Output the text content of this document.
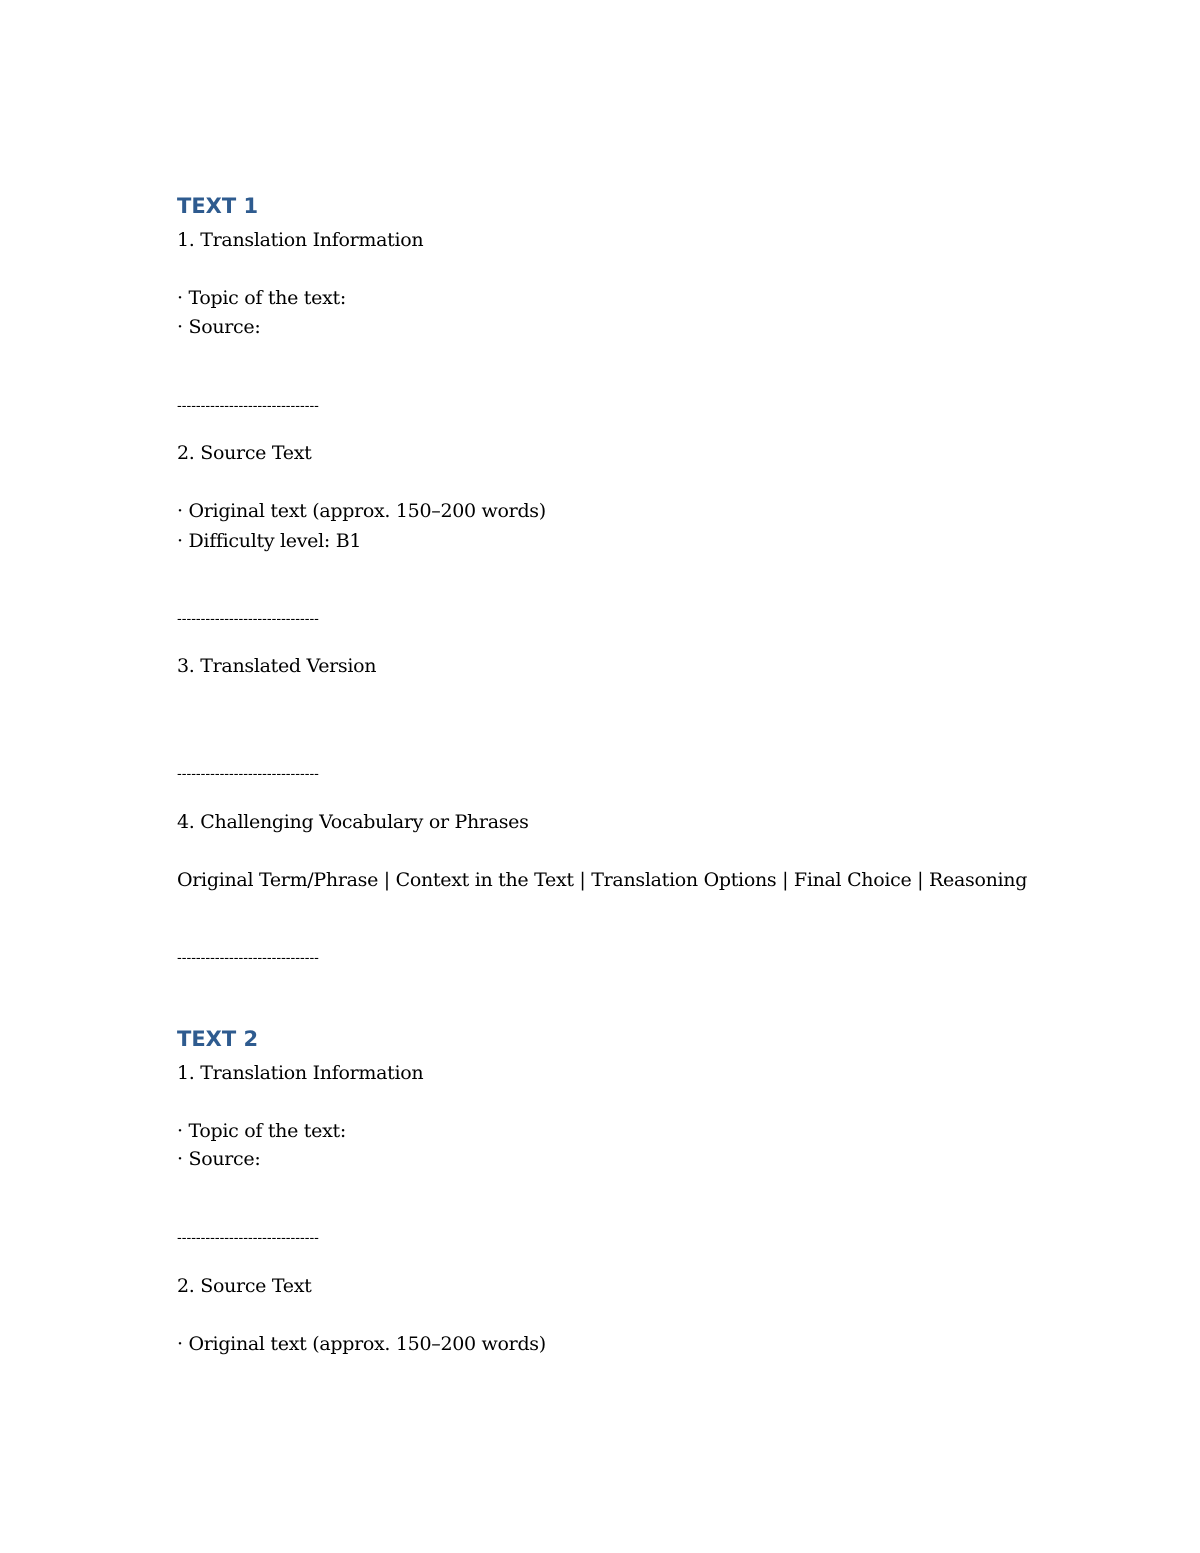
TEXT 1
1. Translation Information
· Topic of the text:
· Source:
------------------------------
2. Source Text
· Original text (approx. 150–200 words)
· Difficulty level: B1
------------------------------
3. Translated Version
------------------------------
4. Challenging Vocabulary or Phrases
Original Term/Phrase | Context in the Text | Translation Options | Final Choice | Reasoning
------------------------------
TEXT 2
1. Translation Information
· Topic of the text:
· Source:
------------------------------
2. Source Text
· Original text (approx. 150–200 words)
